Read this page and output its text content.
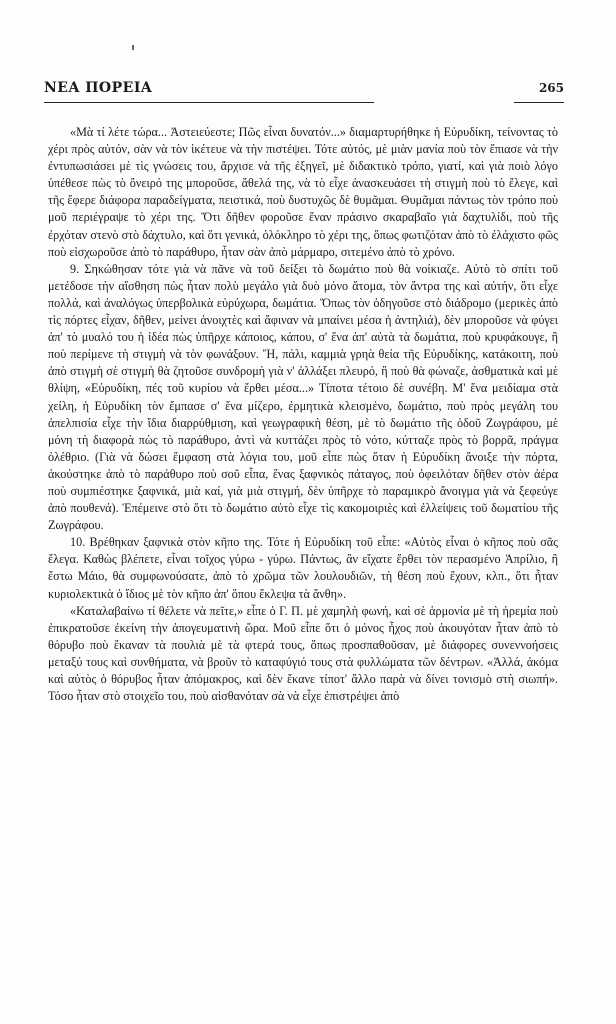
ΝΕΑ ΠΟΡΕΙΑ	265

«Μὰ τί λέτε τώρα... Ἀστειεύεστε; Πῶς εἶναι δυνατόν...» διαμαρτυρήθηκε ἡ Εὐρυδίκη, τείνοντας τὸ χέρι πρὸς αὐτόν, σὰν νὰ τὸν ἱκέτευε νὰ τὴν πιστέψει. Τότε αὐτός, μὲ μιὰν μανία ποὺ τὸν ἔπιασε νὰ τὴν ἐντυπωσιάσει μὲ τὶς γνώσεις του, ἄρχισε νὰ τῆς ἐξηγεῖ, μὲ διδακτικὸ τρόπο, γιατί, καὶ γιὰ ποιὸ λόγο ὑπέθεσε πὼς τὸ ὄνειρό της μποροῦσε, ἄθελά της, νὰ τὸ εἶχε ἀνασκευάσει τὴ στιγμὴ ποὺ τὸ ἔλεγε, καὶ τῆς ἔφερε διάφορα παραδείγματα, πειστικά, ποὺ δυστυχῶς δὲ θυμᾶμαι. Θυμᾶμαι πάντως τὸν τρόπο ποὺ μοῦ περιέγραψε τὸ χέρι της. Ὅτι δῆθεν φοροῦσε ἕναν πράσινο σκαραβαῖο γιὰ δαχτυλίδι, ποὺ τῆς ἐρχόταν στενὸ στὸ δάχτυλο, καὶ ὅτι γενικά, ὁλόκληρο τὸ χέρι της, ὅπως φωτιζόταν ἀπὸ τὸ ἐλάχιστο φῶς ποὺ εἰσχωροῦσε ἀπὸ τὸ παράθυρο, ἦταν σὰν ἀπὸ μάρμαρο, σιτεμένο ἀπὸ τὸ χρόνο.

9. Σηκώθησαν τότε γιὰ νὰ πᾶνε νὰ τοῦ δείξει τὸ δωμάτιο ποὺ θὰ νοίκιαζε. Αὐτὸ τὸ σπίτι τοῦ μετέδοσε τὴν αἴσθηση πὼς ἦταν πολὺ μεγάλο γιὰ δυὸ μόνο ἄτομα, τὸν ἄντρα της καὶ αὐτήν, ὅτι εἶχε πολλά, καὶ ἀναλόγως ὑπερβολικὰ εὐρύχωρα, δωμάτια. Ὅπως τὸν ὁδηγοῦσε στὸ διάδρομο (μερικὲς ἀπὸ τὶς πόρτες εἶχαν, δῆθεν, μείνει ἀνοιχτὲς καὶ ἄφιναν νὰ μπαίνει μέσα ἡ ἀντηλιά), δὲν μποροῦσε νὰ φύγει ἀπ' τὸ μυαλό του ἡ ἰδέα πὼς ὑπῆρχε κάποιος, κάπου, σ' ἕνα ἀπ' αὐτὰ τὰ δωμάτια, ποὺ κρυφάκουγε, ἢ ποὺ περίμενε τὴ στιγμὴ νὰ τὸν φωνάξουν. Ἤ, πάλι, καμμιὰ γρηὰ θεία τῆς Εὐρυδίκης, κατάκοιτη, ποὺ ἀπὸ στιγμὴ σὲ στιγμὴ θὰ ζητοῦσε συνδρομὴ γιὰ ν' ἀλλάξει πλευρό, ἢ ποὺ θὰ φώναζε, ἀσθματικὰ καὶ μὲ θλίψη, «Εὐρυδίκη, πές τοῦ κυρίου νὰ ἔρθει μέσα...» Τίποτα τέτοιο δὲ συνέβη. Μ' ἕνα μειδίαμα στὰ χείλη, ἡ Εὐρυδίκη τὸν ἔμπασε σ' ἕνα μίζερο, ἐρμητικὰ κλεισμένο, δωμάτιο, ποὺ πρὸς μεγάλη του ἀπελπισία εἶχε τὴν ἴδια διαρρύθμιση, καὶ γεωγραφικὴ θέση, μὲ τὸ δωμάτιο τῆς ὁδοῦ Ζωγράφου, μὲ μόνη τὴ διαφορὰ πὼς τὸ παράθυρο, ἀντὶ νὰ κυττάζει πρὸς τὸ νότο, κύτταζε πρὸς τὸ βορρᾶ, πράγμα ὀλέθριο. (Γιὰ νὰ δώσει ἔμφαση στὰ λόγια του, μοῦ εἶπε πὼς ὅταν ἡ Εὐρυδίκη ἄνοιξε τὴν πόρτα, ἀκούστηκε ἀπὸ τὸ παράθυρο ποὺ σοῦ εἶπα, ἕνας ξαφνικὸς πάταγος, ποὺ ὀφειλόταν δῆθεν στὸν ἀέρα ποὺ συμπιέστηκε ξαφνικά, μιὰ καί, γιὰ μιὰ στιγμή, δὲν ὑπῆρχε τὸ παραμικρὸ ἄνοιγμα γιὰ νὰ ξεφεύγε ἀπὸ πουθενά). Ἐπέμεινε στὸ ὅτι τὸ δωμάτιο αὐτὸ εἶχε τὶς κακομοιριὲς καὶ ἐλλείψεις τοῦ δωματίου τῆς Ζωγράφου.

10. Βρέθηκαν ξαφνικὰ στὸν κῆπο της. Τότε ἡ Εὐρυδίκη τοῦ εἶπε: «Αὐτὸς εἶναι ὁ κῆπος ποὺ σᾶς ἔλεγα. Καθὼς βλέπετε, εἶναι τοῖχος γύρω - γύρω. Πάντως, ἂν εἴχατε ἔρθει τὸν περασμένο Ἀπρίλιο, ἢ ἔστω Μάιο, θὰ συμφωνούσατε, ἀπὸ τὸ χρῶμα τῶν λουλουδιῶν, τὴ θέση ποὺ ἔχουν, κλπ., ὅτι ἦταν κυριολεκτικὰ ὁ ἴδιος μὲ τὸν κῆπο ἀπ' ὅπου ἔκλεψα τὰ ἄνθη».

«Καταλαβαίνω τί θέλετε νὰ πεῖτε,» εἶπε ὁ Γ. Π. μὲ χαμηλὴ φωνή, καὶ σὲ ἁρμονία μὲ τὴ ἠρεμία ποὺ ἐπικρατοῦσε ἐκείνη τὴν ἀπογευματινὴ ὥρα. Μοῦ εἶπε ὅτι ὁ μόνος ἦχος ποὺ ἀκουγόταν ἦταν ἀπὸ τὸ θόρυβο ποὺ ἔκαναν τὰ πουλιὰ μὲ τὰ φτερά τους, ὅπως προσπαθοῦσαν, μὲ διάφορες συνεννοήσεις μεταξύ τους καὶ συνθήματα, νὰ βροῦν τὸ καταφύγιό τους στὰ φυλλώματα τῶν δέντρων. «Ἀλλά, ἀκόμα καὶ αὐτὸς ὁ θόρυβος ἦταν ἀπόμακρος, καὶ δὲν ἔκανε τίποτ' ἄλλο παρὰ νὰ δίνει τονισμὸ στὴ σιωπή». Τόσο ἦταν στὸ στοιχεῖο του, ποὺ αἰσθανόταν σὰ νὰ εἶχε ἐπιστρέψει ἀπὸ
